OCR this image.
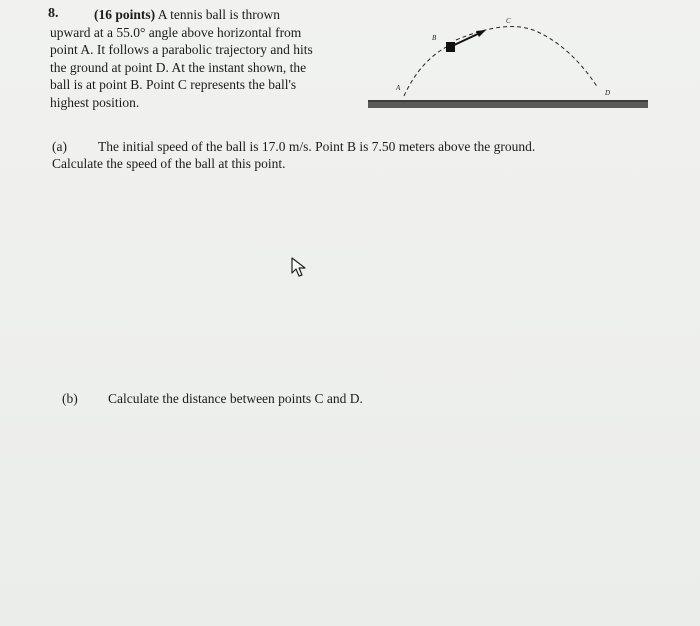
(16 points) A tennis ball is thrown
upward at a 55.0° angle above horizontal from
point A. It follows a parabolic trajectory and hits
the ground at point D. At the instant shown, the
ball is at point B. Point C represents the ball's
highest position.
8.
A
B
C
D
(a) The initial speed of the ball is 17.0 m/s. Point B is 7.50 meters above the ground.
Calculate the speed of the ball at this point.
(b) Calculate the distance between points C and D.
